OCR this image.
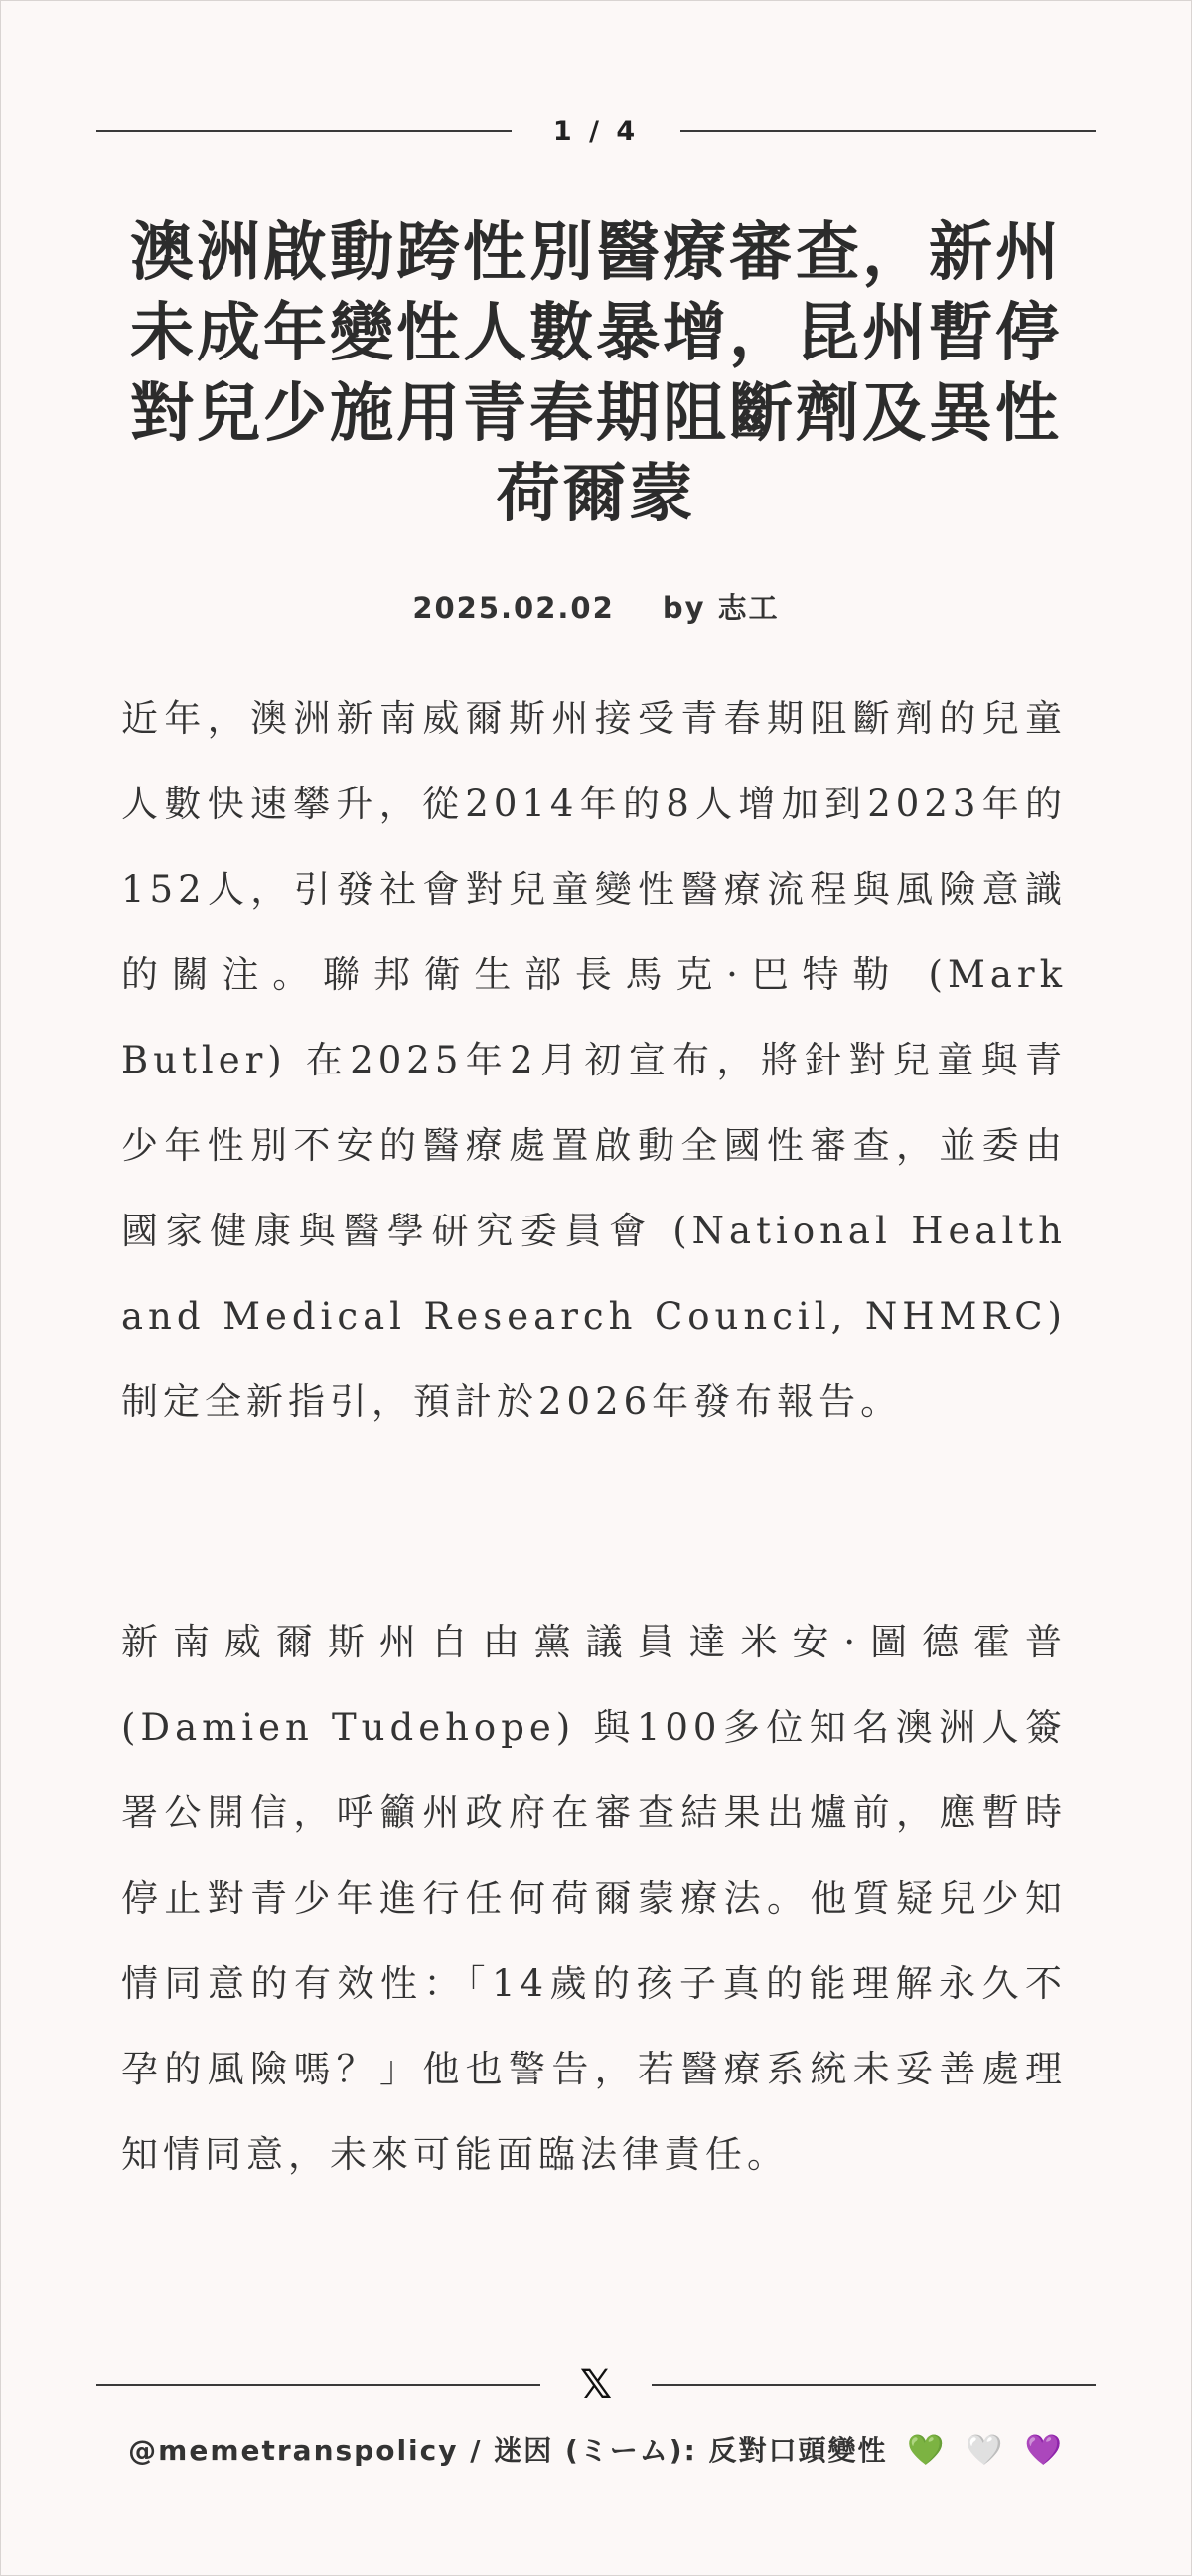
1 / 4
澳洲啟動跨性別醫療審查，新州未成年變性人數暴增，昆州暫停對兒少施用青春期阻斷劑及異性荷爾蒙
2025.02.02 by 志工

近年，澳洲新南威爾斯州接受青春期阻斷劑的兒童人數快速攀升，從2014年的8人增加到2023年的152人，引發社會對兒童變性醫療流程與風險意識的關注。聯邦衛生部長馬克·巴特勒 (Mark Butler) 在2025年2月初宣布，將針對兒童與青少年性別不安的醫療處置啟動全國性審查，並委由國家健康與醫學研究委員會 (National Health and Medical Research Council, NHMRC) 制定全新指引，預計於2026年發布報告。

新南威爾斯州自由黨議員達米安·圖德霍普 (Damien Tudehope) 與100多位知名澳洲人簽署公開信，呼籲州政府在審查結果出爐前，應暫時停止對青少年進行任何荷爾蒙療法。他質疑兒少知情同意的有效性：「14歲的孩子真的能理解永久不孕的風險嗎？」他也警告，若醫療系統未妥善處理知情同意，未來可能面臨法律責任。

𝕏
@memetranspolicy / 迷因 (ミーム): 反對口頭變性 💚 🤍 💜
